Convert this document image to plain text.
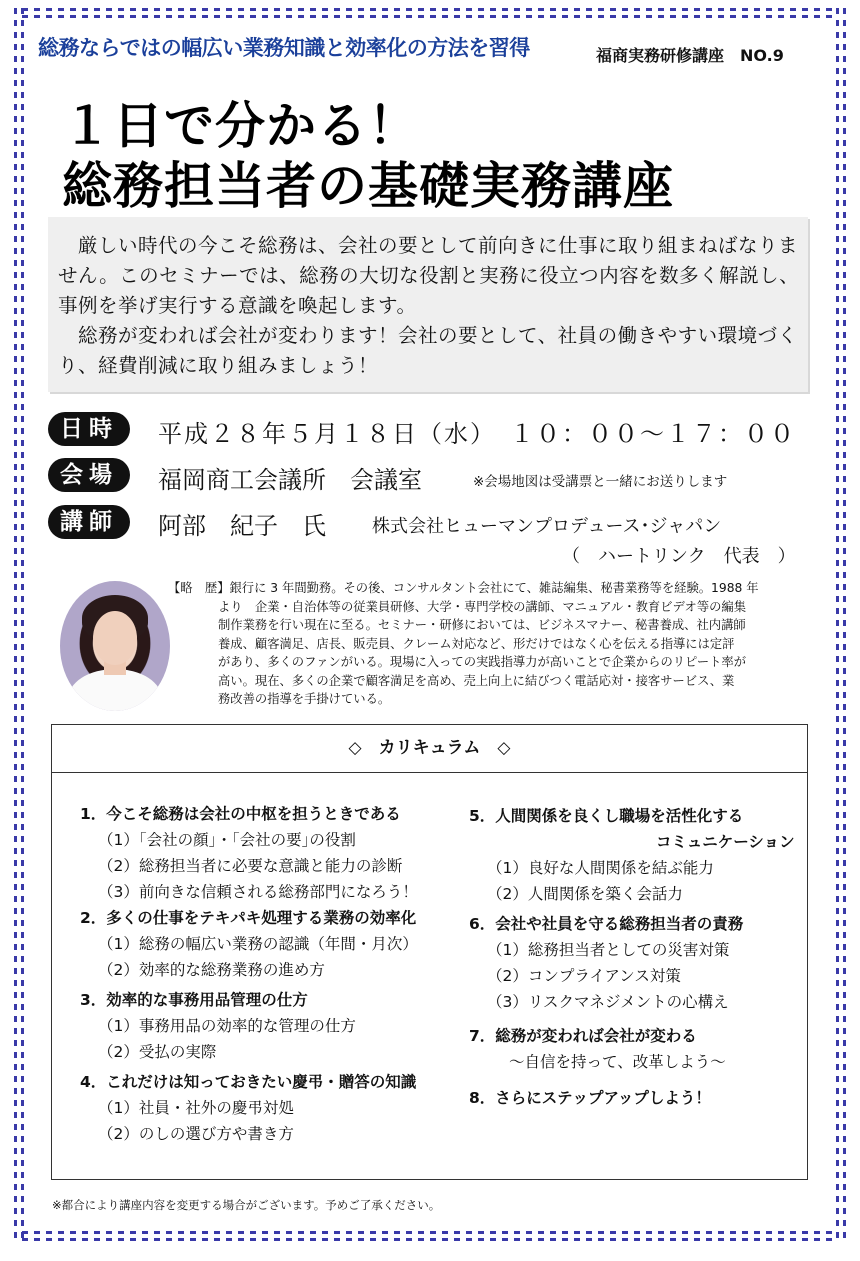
総務ならではの幅広い業務知識と効率化の方法を習得	福商実務研修講座　NO.9
１日で分かる！
総務担当者の基礎実務講座

　厳しい時代の今こそ総務は、会社の要として前向きに仕事に取り組まねばなりません。このセミナーでは、総務の大切な役割と実務に役立つ内容を数多く解説し、事例を挙げ実行する意識を喚起します。

　総務が変われば会社が変わります！会社の要として、社員の働きやすい環境づくり、経費削減に取り組みましょう！

日時	平成２８年５月１８日（水）　１０：００～１７：００
会場	福岡商工会議所　会議室	※会場地図は受講票と一緒にお送りします
講師	阿部　紀子　氏	株式会社ヒューマンプロデュース･ジャパン
（　ハートリンク　代表　）
【略　歴】銀行に 3 年間勤務。その後、コンサルタント会社にて、雑誌編集、秘書業務等を経験。1988 年
より　企業・自治体等の従業員研修、大学・専門学校の講師、マニュアル・教育ビデオ等の編集
制作業務を行い現在に至る。セミナー・研修においては、ビジネスマナー、秘書養成、社内講師
養成、顧客満足、店長、販売員、クレーム対応など、形だけではなく心を伝える指導には定評
があり、多くのファンがいる。現場に入っての実践指導力が高いことで企業からのリピート率が
高い。現在、多くの企業で顧客満足を高め、売上向上に結びつく電話応対・接客サービス、業
務改善の指導を手掛けている。
◇　カリキュラム　◇
1．今こそ総務は会社の中枢を担うときである
（1）｢会社の顔｣・｢会社の要｣の役割
（2）総務担当者に必要な意識と能力の診断
（3）前向きな信頼される総務部門になろう！
2．多くの仕事をテキパキ処理する業務の効率化
（1）総務の幅広い業務の認識（年間・月次）
（2）効率的な総務業務の進め方
3．効率的な事務用品管理の仕方
（1）事務用品の効率的な管理の仕方
（2）受払の実際
4．これだけは知っておきたい慶弔・贈答の知識
（1）社員・社外の慶弔対処
（2）のしの選び方や書き方
5．人間関係を良くし職場を活性化する
コミュニケーション
（1）良好な人間関係を結ぶ能力
（2）人間関係を築く会話力
6．会社や社員を守る総務担当者の責務
（1）総務担当者としての災害対策
（2）コンプライアンス対策
（3）リスクマネジメントの心構え
7．総務が変われば会社が変わる
～自信を持って、改革しよう～
8．さらにステップアップしよう！
※都合により講座内容を変更する場合がございます。予めご了承ください。
